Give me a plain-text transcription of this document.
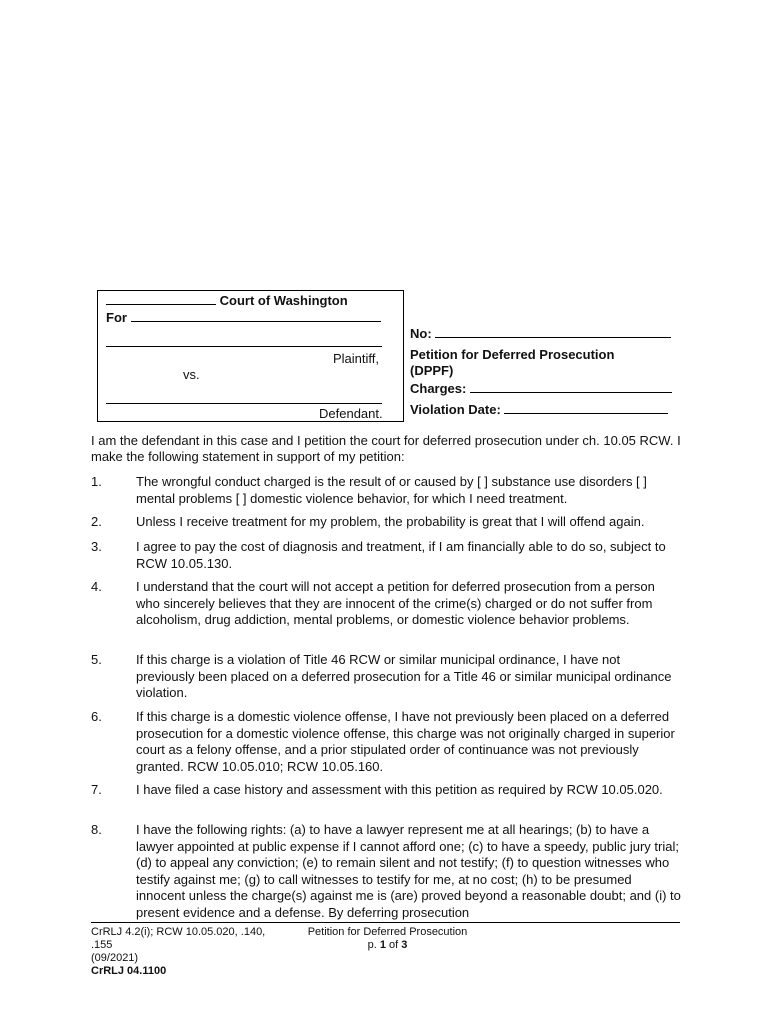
Court of Washington
For
Plaintiff,
vs.
Defendant.
No:
Petition for Deferred Prosecution
(DPPF)
Charges:
Violation Date:
I am the defendant in this case and I petition the court for deferred prosecution under ch. 10.05 RCW. I make the following statement in support of my petition:
1.	The wrongful conduct charged is the result of or caused by [ ] substance use disorders [ ] mental problems [ ] domestic violence behavior, for which I need treatment.
2.	Unless I receive treatment for my problem, the probability is great that I will offend again.
3.	I agree to pay the cost of diagnosis and treatment, if I am financially able to do so, subject to RCW 10.05.130.
4.	I understand that the court will not accept a petition for deferred prosecution from a person who sincerely believes that they are innocent of the crime(s) charged or do not suffer from alcoholism, drug addiction, mental problems, or domestic violence behavior problems.
5.	If this charge is a violation of Title 46 RCW or similar municipal ordinance, I have not previously been placed on a deferred prosecution for a Title 46 or similar municipal ordinance violation.
6.	If this charge is a domestic violence offense, I have not previously been placed on a deferred prosecution for a domestic violence offense, this charge was not originally charged in superior court as a felony offense, and a prior stipulated order of continuance was not previously granted. RCW 10.05.010; RCW 10.05.160.
7.	I have filed a case history and assessment with this petition as required by RCW 10.05.020.
8.	I have the following rights: (a) to have a lawyer represent me at all hearings; (b) to have a lawyer appointed at public expense if I cannot afford one; (c) to have a speedy, public jury trial; (d) to appeal any conviction; (e) to remain silent and not testify; (f) to question witnesses who testify against me; (g) to call witnesses to testify for me, at no cost; (h) to be presumed innocent unless the charge(s) against me is (are) proved beyond a reasonable doubt; and (i) to present evidence and a defense. By deferring prosecution
CrRLJ 4.2(i); RCW 10.05.020, .140,
.155
(09/2021)
CrRLJ 04.1100
Petition for Deferred Prosecution
p. 1 of 3
